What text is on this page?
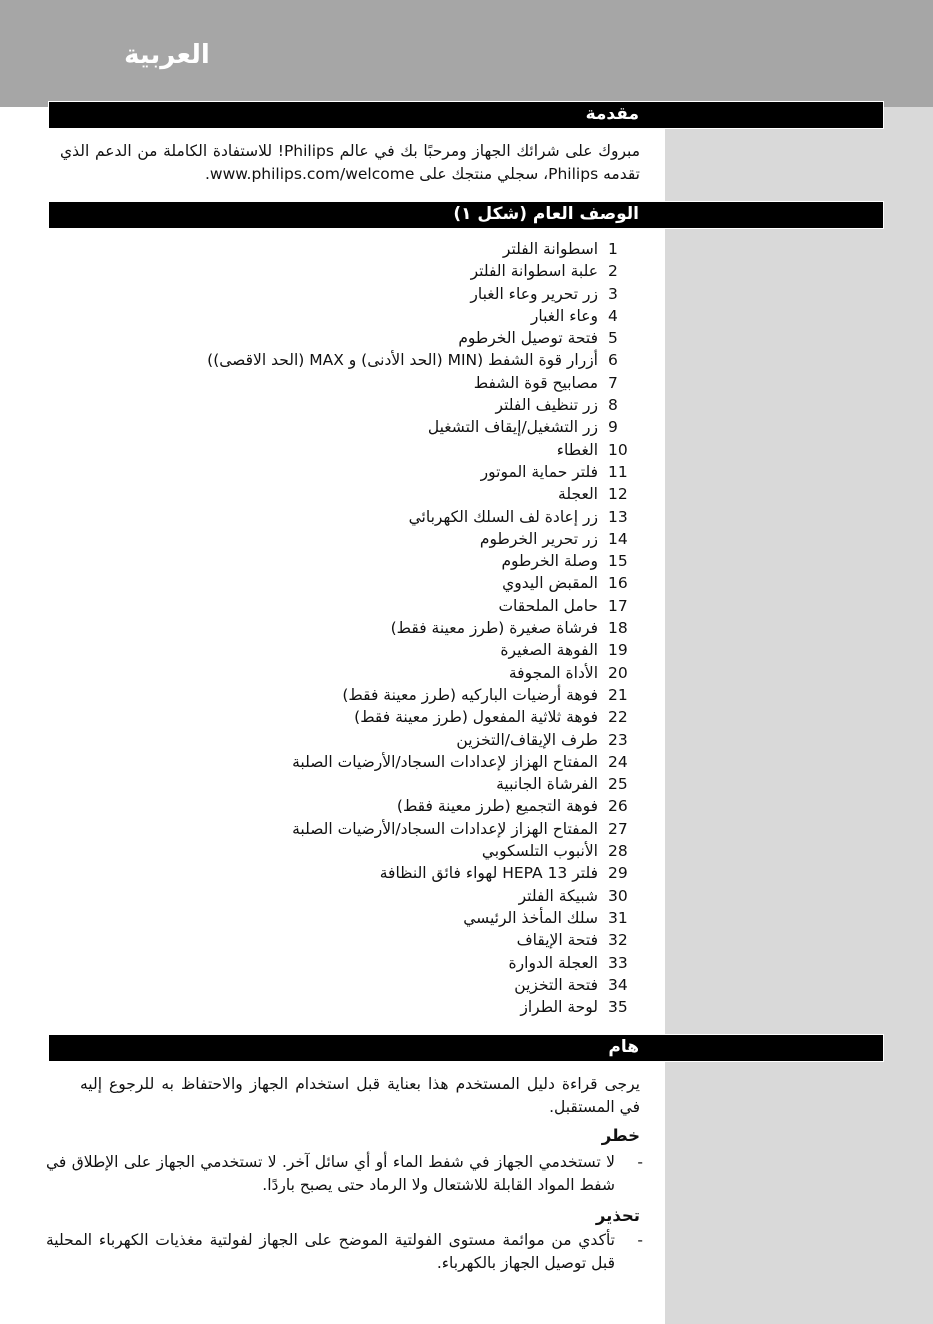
العربية
مقدمة
مبروك على شرائك الجهاز ومرحبًا بك في عالم Philips! للاستفادة الكاملة من الدعم الذي تقدمه Philips، سجلي منتجك على www.philips.com/welcome.
الوصف العام (شكل ١)
1
اسطوانة الفلتر
2
علبة اسطوانة الفلتر
3
زر تحرير وعاء الغبار
4
وعاء الغبار
5
فتحة توصيل الخرطوم
6
أزرار قوة الشفط (MIN (الحد الأدنى) و MAX (الحد الاقصى))
7
مصابيح قوة الشفط
8
زر تنظيف الفلتر
9
زر التشغيل/إيقاف التشغيل
10
الغطاء
11
فلتر حماية الموتور
12
العجلة
13
زر إعادة لف السلك الكهربائي
14
زر تحرير الخرطوم
15
وصلة الخرطوم
16
المقبض اليدوي
17
حامل الملحقات
18
فرشاة صغيرة (طرز معينة فقط)
19
الفوهة الصغيرة
20
الأداة المجوفة
21
فوهة أرضيات الباركيه (طرز معينة فقط)
22
فوهة ثلاثية المفعول (طرز معينة فقط)
23
طرف الإيقاف/التخزين
24
المفتاح الهزاز لإعدادات السجاد/الأرضيات الصلبة
25
الفرشاة الجانبية
26
فوهة التجميع (طرز معينة فقط)
27
المفتاح الهزاز لإعدادات السجاد/الأرضيات الصلبة
28
الأنبوب التلسكوبي
29
فلتر HEPA 13 لهواء فائق النظافة
30
شبيكة الفلتر
31
سلك المأخذ الرئيسي
32
فتحة الإيقاف
33
العجلة الدوارة
34
فتحة التخزين
35
لوحة الطراز
هام
يرجى قراءة دليل المستخدم هذا بعناية قبل استخدام الجهاز والاحتفاظ به للرجوع إليه في المستقبل.
خطر
-
لا تستخدمي الجهاز في شفط الماء أو أي سائل آخر. لا تستخدمي الجهاز على الإطلاق في شفط المواد القابلة للاشتعال ولا الرماد حتى يصبح باردًا.
تحذير
-
تأكدي من موائمة مستوى الفولتية الموضح على الجهاز لفولتية مغذيات الكهرباء المحلية قبل توصيل الجهاز بالكهرباء.
